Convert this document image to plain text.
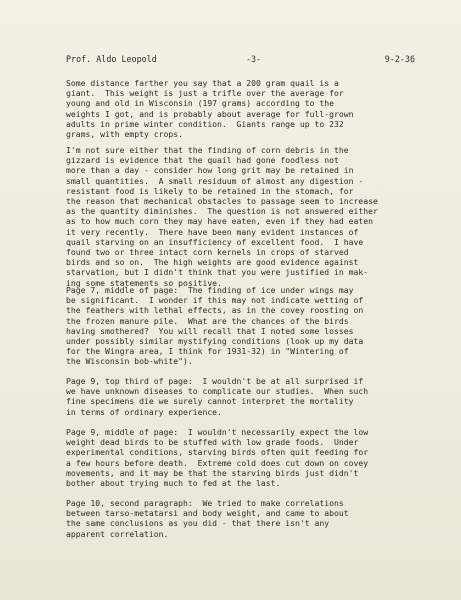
Prof. Aldo Leopold	-3-	9-2-36

Some distance farther you say that a 200 gram quail is a
giant.  This weight is just a trifle over the average for
young and old in Wisconsin (197 grams) according to the
weights I got, and is probably about average for full-grown
adults in prime winter condition.  Giants range up to 232
grams, with empty crops.

I'm not sure either that the finding of corn debris in the
gizzard is evidence that the quail had gone foodless not
more than a day - consider how long grit may be retained in
small quantities.  A small residuum of almost any digestion -
resistant food is likely to be retained in the stomach, for
the reason that mechanical obstacles to passage seem to increase
as the quantity diminishes.  The question is not answered either
as to how much corn they may have eaten, even if they had eaten
it very recently.  There have been many evident instances of
quail starving on an insufficiency of excellent food.  I have
found two or three intact corn kernels in crops of starved
birds and so on.  The high weights are good evidence against
starvation, but I didn't think that you were justified in mak-
ing some statements so positive.

Page 7, middle of page:  The finding of ice under wings may
be significant.  I wonder if this may not indicate wetting of
the feathers with lethal effects, as in the covey roosting on
the frozen manure pile.  What are the chances of the birds
having smothered?  You will recall that I noted some losses
under possibly similar mystifying conditions (look up my data
for the Wingra area, I think for 1931-32) in "Wintering of
the Wisconsin bob-white").

Page 9, top third of page:  I wouldn't be at all surprised if
we have unknown diseases to complicate our studies.  When such
fine specimens die we surely cannot interpret the mortality
in terms of ordinary experience.

Page 9, middle of page:  I wouldn't necessarily expect the low
weight dead birds to be stuffed with low grade foods.  Under
experimental conditions, starving birds often quit feeding for
a few hours before death.  Extreme cold does cut down on covey
movements, and it may be that the starving birds just didn't
bother about trying much to fed at the last.

Page 10, second paragraph:  We tried to make correlations
between tarso-metatarsi and body weight, and came to about
the same conclusions as you did - that there isn't any
apparent correlation.
